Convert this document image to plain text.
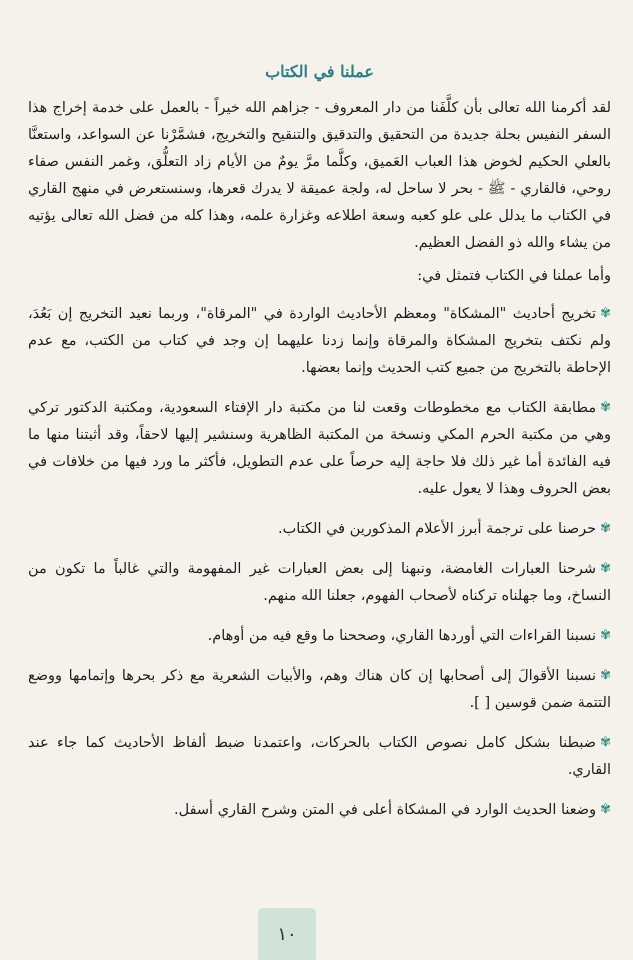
عملنا في الكتاب

لقد أكرمنا الله تعالى بأن كلَّفَنا من دار المعروف - جزاهم الله خيراً - بالعمل على خدمة إخراج هذا السفر النفيس بحلة جديدة من التحقيق والتدقيق والتنقيح والتخريج، فشمَّرْنا عن السواعد، واستعنَّا بالعلي الحكيم لخوض هذا العباب العَميق، وكلَّما مرَّ يومٌ من الأيام زاد التعلُّق، وغمر النفس صفاء روحي، فالقاري - ﷺ - بحر لا ساحل له، ولجة عميقة لا يدرك قعرها، وسنستعرض في منهج القاري في الكتاب ما يدلل على علو كعبه وسعة اطلاعه وغزارة علمه، وهذا كله من فضل الله تعالى يؤتيه من يشاء والله ذو الفضل العظيم.

وأما عملنا في الكتاب فتمثل في:

✾تخريج أحاديث "المشكاة" ومعظم الأحاديث الواردة في "المرقاة"، وربما نعيد التخريج إن بَعُدَ، ولم نكتف بتخريج المشكاة والمرقاة وإنما زدنا عليهما إن وجد في كتاب من الكتب، مع عدم الإحاطة بالتخريج من جميع كتب الحديث وإنما بعضها.

✾مطابقة الكتاب مع مخطوطات وقعت لنا من مكتبة دار الإفتاء السعودية، ومكتبة الدكتور تركي وهي من مكتبة الحرم المكي ونسخة من المكتبة الظاهرية وسنشير إليها لاحقاً، وقد أثبتنا منها ما فيه الفائدة أما غير ذلك فلا حاجة إليه حرصاً على عدم التطويل، فأكثر ما ورد فيها من خلافات في بعض الحروف وهذا لا يعول عليه.

✾حرصنا على ترجمة أبرز الأعلام المذكورين في الكتاب.

✾شرحنا العبارات الغامضة، ونبهنا إلى بعض العبارات غير المفهومة والتي غالباً ما تكون من النساخ، وما جهلناه تركناه لأصحاب الفهوم، جعلنا الله منهم.

✾نسبنا القراءات التي أوردها القاري، وصححنا ما وقع فيه من أوهام.

✾نسبنا الأقوالَ إلى أصحابها إن كان هناك وهم، والأبيات الشعرية مع ذكر بحرها وإتمامها ووضع التتمة ضمن قوسين [ ].

✾ضبطنا بشكل كامل نصوص الكتاب بالحركات، واعتمدنا ضبط ألفاظ الأحاديث كما جاء عند القاري.

✾وضعنا الحديث الوارد في المشكاة أعلى في المتن وشرح القاري أسفل.

١٠
